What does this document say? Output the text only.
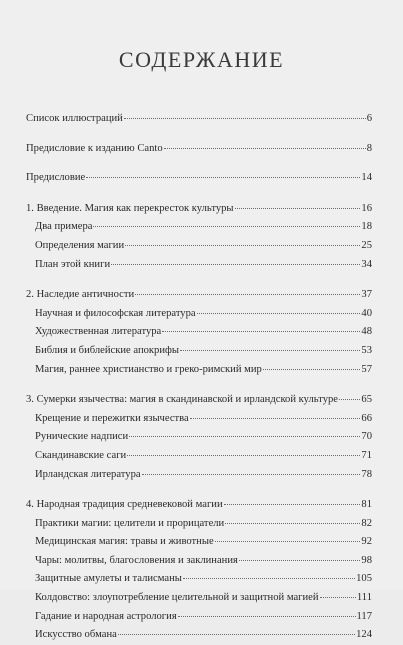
СОДЕРЖАНИЕ
Список иллюстраций	6
Предисловие к изданию Canto	8
Предисловие	14
1. Введение. Магия как перекресток культуры	16
Два примера	18
Определения магии	25
План этой книги	34
2. Наследие античности	37
Научная и философская литература	40
Художественная литература	48
Библия и библейские апокрифы	53
Магия, раннее христианство и греко-римский мир	57
3. Сумерки язычества: магия в скандинавской и ирландской культуре 65
Крещение и пережитки язычества	66
Рунические надписи	70
Скандинавские саги	71
Ирландская литература	78
4. Народная традиция средневековой магии	81
Практики магии: целители и прорицатели	82
Медицинская магия: травы и животные	92
Чары: молитвы, благословения и заклинания	98
Защитные амулеты и талисманы	105
Колдовство: злоупотребление целительной и защитной магией	111
Гадание и народная астрология	117
Искусство обмана	124
